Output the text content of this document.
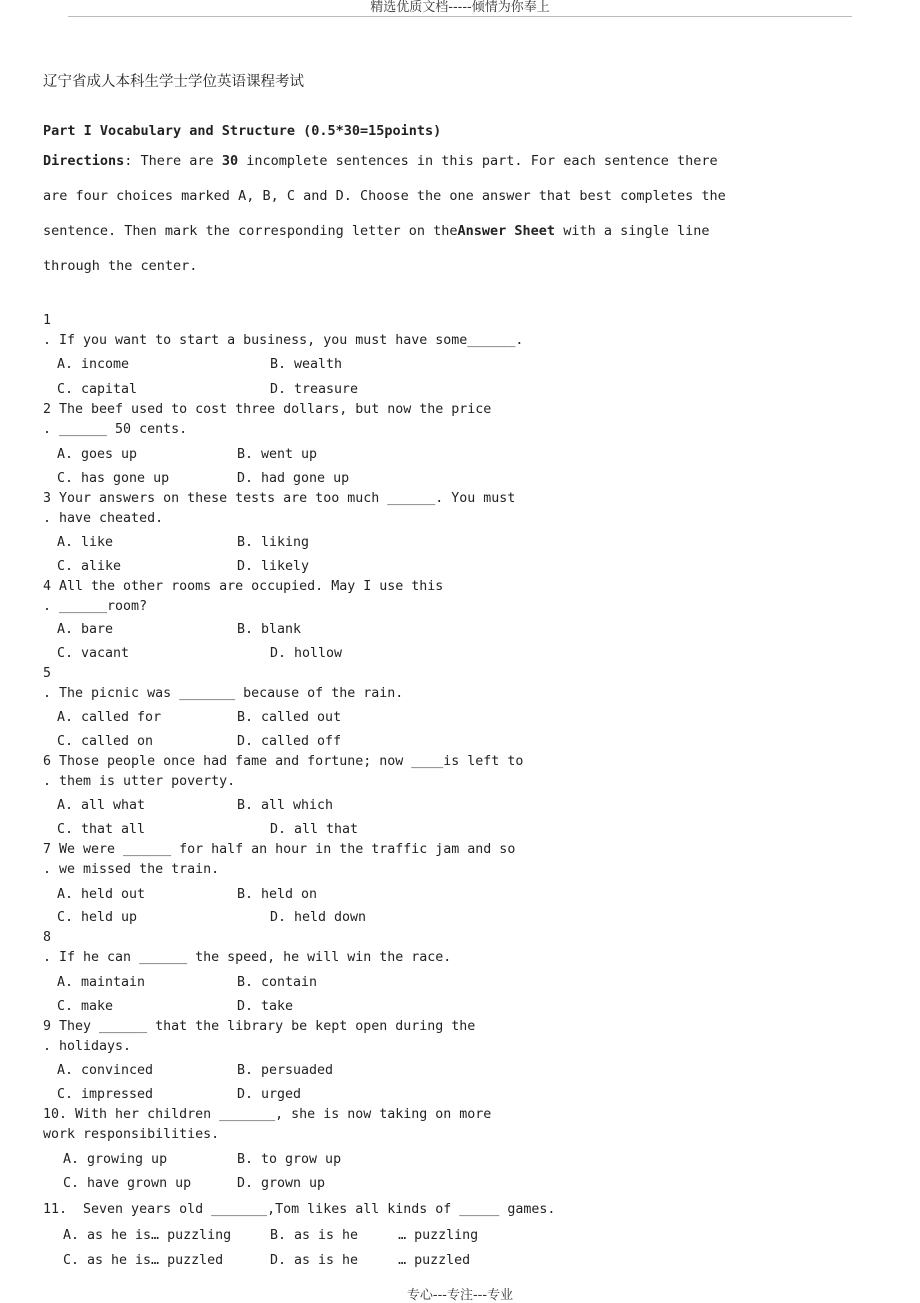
精选优质文档-----倾情为你奉上
辽宁省成人本科生学士学位英语课程考试
Part I Vocabulary and Structure (0.5*30=15points)
Directions: There are 30 incomplete sentences in this part. For each sentence there
are four choices marked A, B, C and D. Choose the one answer that best completes the
sentence. Then mark the corresponding letter on theAnswer Sheet with a single line
through the center.
1
. If you want to start a business, you must have some______.
A. income	B. wealth
C. capital	D. treasure
2 The beef used to cost three dollars, but now the price
. ______ 50 cents.
A. goes up	B. went up
C. has gone up	D. had gone up
3 Your answers on these tests are too much ______. You must
. have cheated.
A. like	B. liking
C. alike	D. likely
4 All the other rooms are occupied. May I use this
. ______room?
A. bare	B. blank
C. vacant	D. hollow
5
. The picnic was _______ because of the rain.
A. called for	B. called out
C. called on	D. called off
6 Those people once had fame and fortune; now ____is left to
. them is utter poverty.
A. all what	B. all which
C. that all	D. all that
7 We were ______ for half an hour in the traffic jam and so
. we missed the train.
A. held out	B. held on
C. held up	D. held down
8
. If he can ______ the speed, he will win the race.
A. maintain	B. contain
C. make	D. take
9 They ______ that the library be kept open during the
. holidays.
A. convinced	B. persuaded
C. impressed	D. urged
10. With her children _______, she is now taking on more
work responsibilities.
A. growing up	B. to grow up
C. have grown up	D. grown up
11.  Seven years old _______,Tom likes all kinds of _____ games.
A. as he is… puzzling	B. as is he     … puzzling
C. as he is… puzzled	D. as is he     … puzzled
专心---专注---专业
